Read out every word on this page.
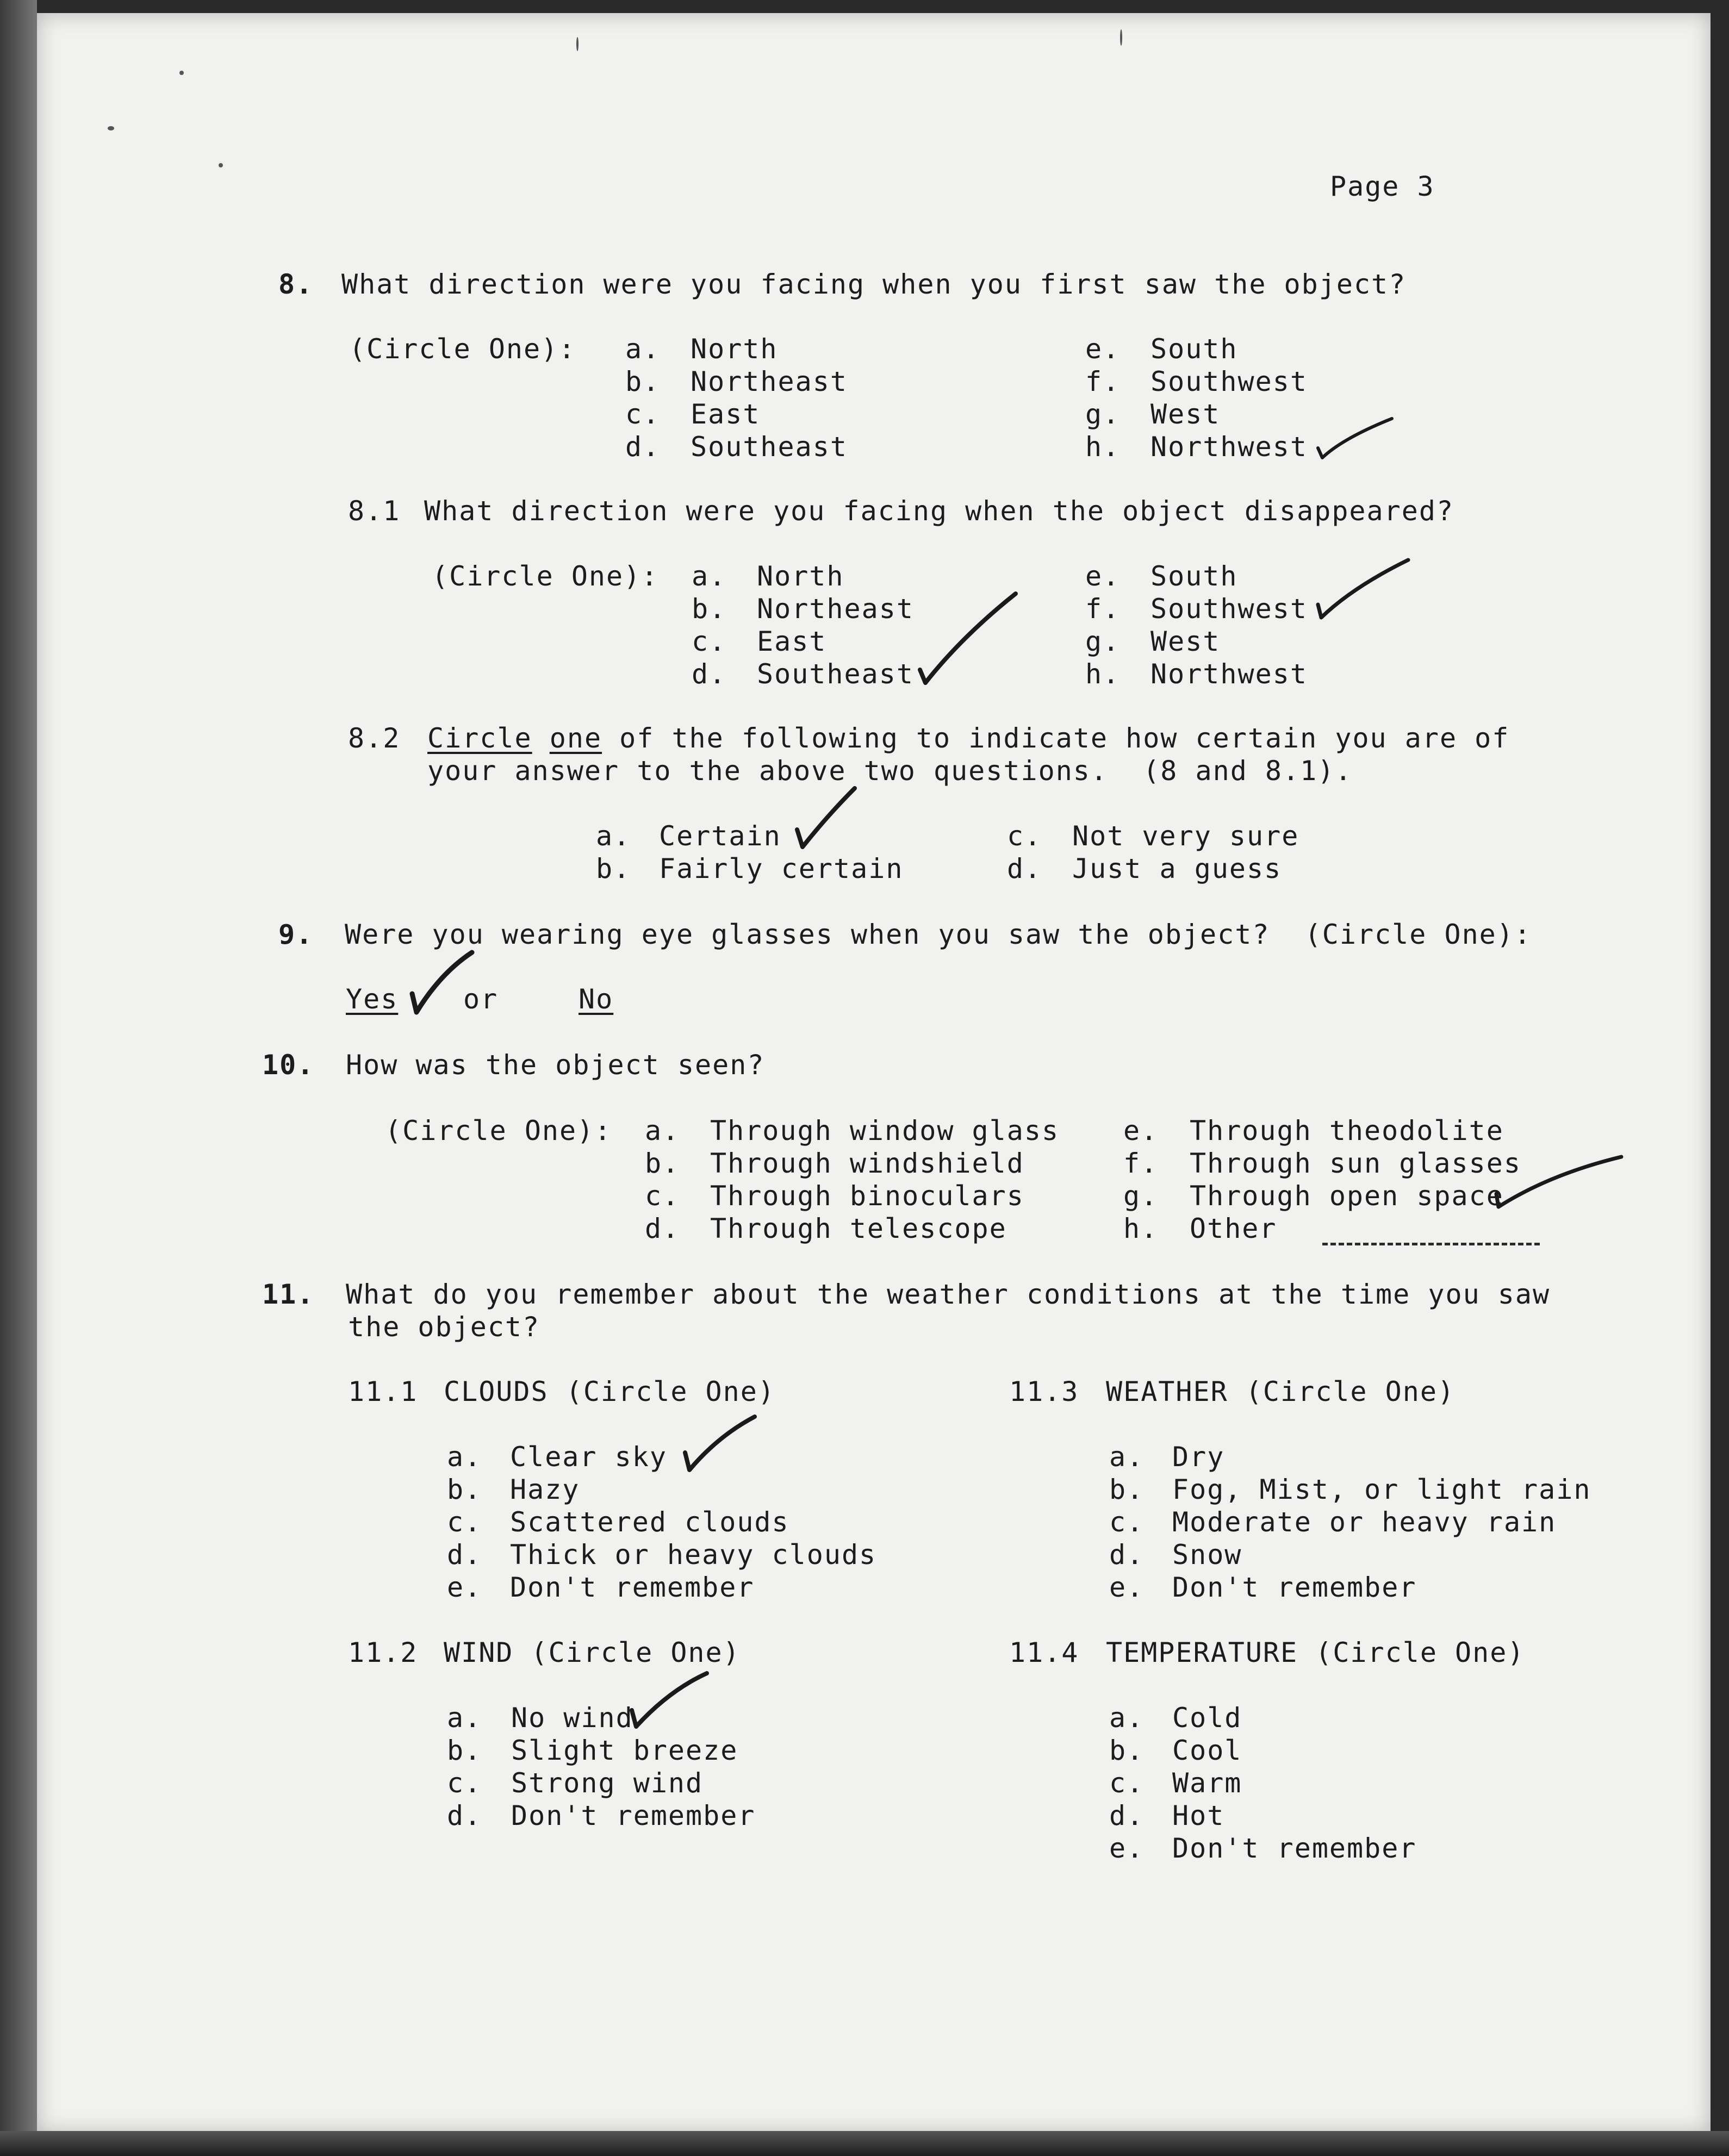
Page 3
8. What direction were you facing when you first saw the object?
(Circle One): a. North
b. Northeast
c. East
d. Southeast
e. South
f. Southwest
g. West
h. Northwest
8.1 What direction were you facing when the object disappeared?
(Circle One): a. North
b. Northeast
c. East
d. Southeast
e. South
f. Southwest
g. West
h. Northwest
8.2 Circle one of the following to indicate how certain you are of
your answer to the above two questions.  (8 and 8.1).
a. Certain
b. Fairly certain
c. Not very sure
d. Just a guess
9. Were you wearing eye glasses when you saw the object?  (Circle One):
Yes or	No
10. How was the object seen?
(Circle One): a. Through window glass
b. Through windshield
c. Through binoculars
d. Through telescope
e. Through theodolite
f. Through sun glasses
g. Through open space
h. Other
11. What do you remember about the weather conditions at the time you saw
the object?
11.1 CLOUDS (Circle One)
a. Clear sky
b. Hazy
c. Scattered clouds
d. Thick or heavy clouds
e. Don't remember
11.2 WIND (Circle One)
a. No wind
b. Slight breeze
c. Strong wind
d. Don't remember
11.3 WEATHER (Circle One)
a. Dry
b. Fog, Mist, or light rain
c. Moderate or heavy rain
d. Snow
e. Don't remember
11.4 TEMPERATURE (Circle One)
a. Cold
b. Cool
c. Warm
d. Hot
e. Don't remember
